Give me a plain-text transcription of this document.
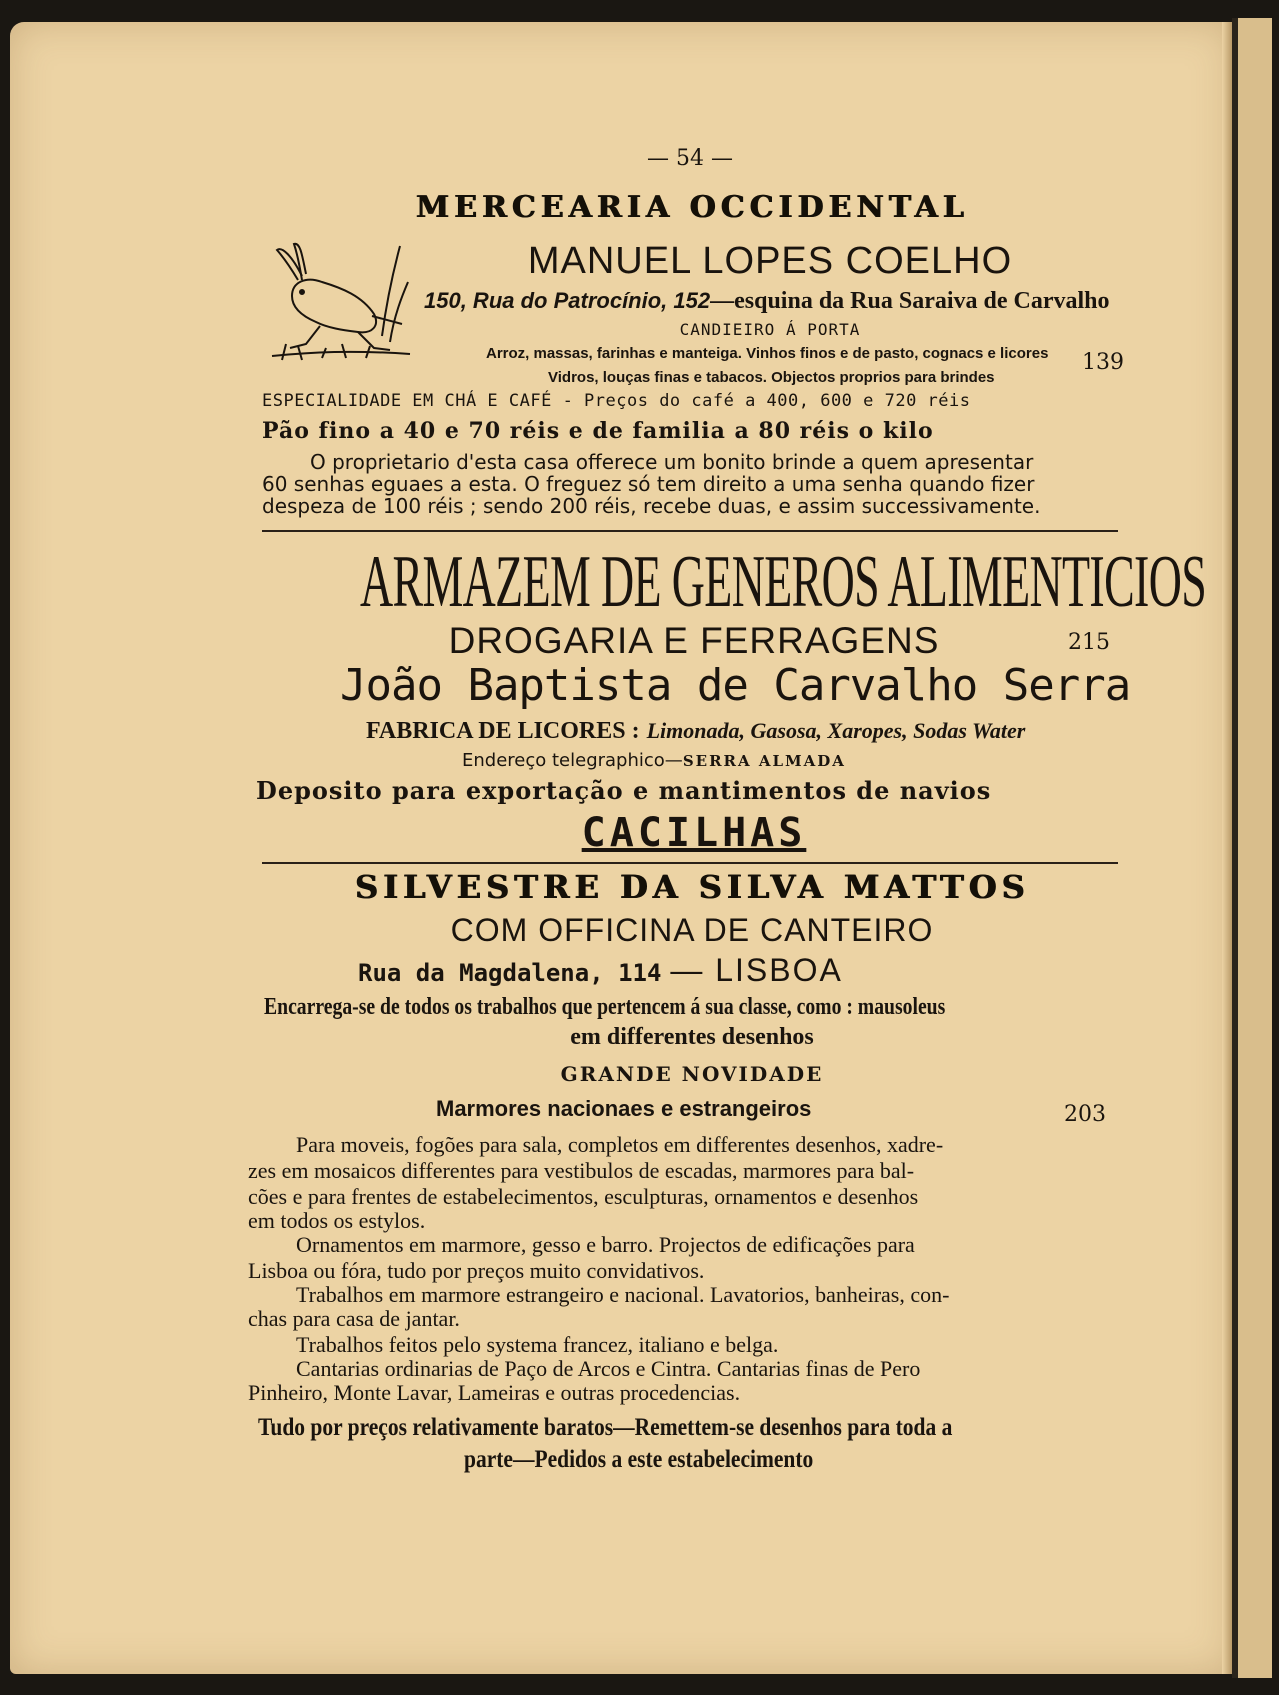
— 54 —
MERCEARIA OCCIDENTAL
MANUEL LOPES COELHO
150, Rua do Patrocínio, 152—esquina da Rua Saraiva de Carvalho
CANDIEIRO Á PORTA
Arroz, massas, farinhas e manteiga. Vinhos finos e de pasto, cognacs e licores
Vidros, louças finas e tabacos. Objectos proprios para brindes
139
ESPECIALIDADE EM CHÁ E CAFÉ - Preços do café a 400, 600 e 720 réis
Pão fino a 40 e 70 réis e de familia a 80 réis o kilo
O proprietario d'esta casa offerece um bonito brinde a quem apresentar
60 senhas eguaes a esta. O freguez só tem direito a uma senha quando fizer
despeza de 100 réis ; sendo 200 réis, recebe duas, e assim successivamente.
ARMAZEM DE GENEROS ALIMENTICIOS
DROGARIA E FERRAGENS	215
João Baptista de Carvalho Serra
FABRICA DE LICORES : Limonada, Gasosa, Xaropes, Sodas Water
Endereço telegraphico—SERRA ALMADA
Deposito para exportação e mantimentos de navios
CACILHAS
SILVESTRE DA SILVA MATTOS
COM OFFICINA DE CANTEIRO
Rua da Magdalena, 114 — LISBOA
Encarrega-se de todos os trabalhos que pertencem á sua classe, como : mausoleus
em differentes desenhos
GRANDE NOVIDADE
Marmores nacionaes e estrangeiros	203
Para moveis, fogões para sala, completos em differentes desenhos, xadre-
zes em mosaicos differentes para vestibulos de escadas, marmores para bal-
cões e para frentes de estabelecimentos, esculpturas, ornamentos e desenhos
em todos os estylos.
Ornamentos em marmore, gesso e barro. Projectos de edificações para
Lisboa ou fóra, tudo por preços muito convidativos.
Trabalhos em marmore estrangeiro e nacional. Lavatorios, banheiras, con-
chas para casa de jantar.
Trabalhos feitos pelo systema francez, italiano e belga.
Cantarias ordinarias de Paço de Arcos e Cintra. Cantarias finas de Pero
Pinheiro, Monte Lavar, Lameiras e outras procedencias.
Tudo por preços relativamente baratos—Remettem-se desenhos para toda a
parte—Pedidos a este estabelecimento
